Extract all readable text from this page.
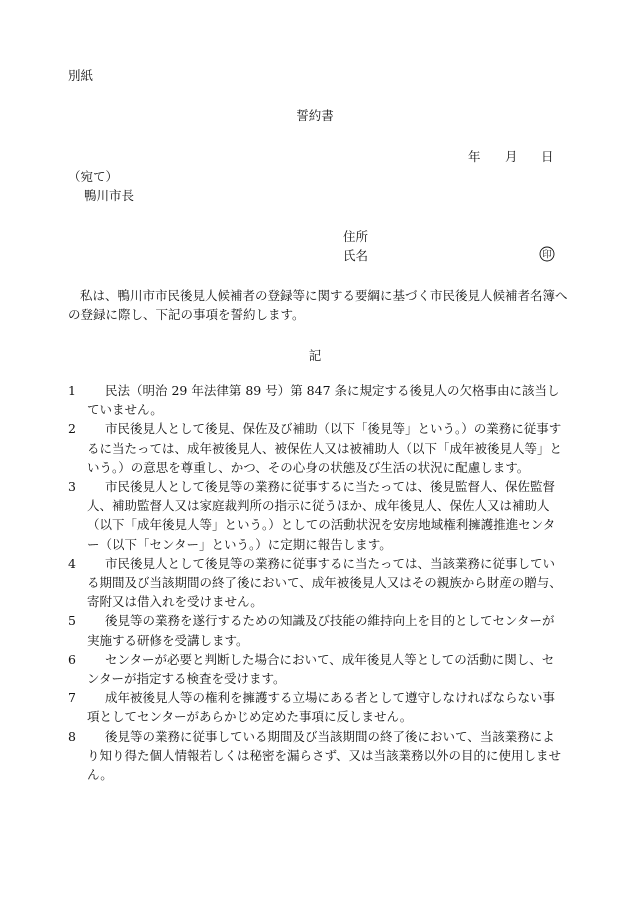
別紙
誓約書
年 月 日
（宛て）
鴨川市長
住所
氏名	印
私は、鴨川市市民後見人候補者の登録等に関する要綱に基づく市民後見人候補者名簿への登録に際し、下記の事項を誓約します。
記
1	民法（明治 29 年法律第 89 号）第 847 条に規定する後見人の欠格事由に該当していません。
2	市民後見人として後見、保佐及び補助（以下「後見等」という。）の業務に従事するに当たっては、成年被後見人、被保佐人又は被補助人（以下「成年被後見人等」という。）の意思を尊重し、かつ、その心身の状態及び生活の状況に配慮します。
3	市民後見人として後見等の業務に従事するに当たっては、後見監督人、保佐監督人、補助監督人又は家庭裁判所の指示に従うほか、成年後見人、保佐人又は補助人（以下「成年後見人等」という。）としての活動状況を安房地域権利擁護推進センター（以下「センター」という。）に定期に報告します。
4	市民後見人として後見等の業務に従事するに当たっては、当該業務に従事している期間及び当該期間の終了後において、成年被後見人又はその親族から財産の贈与、寄附又は借入れを受けません。
5	後見等の業務を遂行するための知識及び技能の維持向上を目的としてセンターが実施する研修を受講します。
6	センターが必要と判断した場合において、成年後見人等としての活動に関し、センターが指定する検査を受けます。
7	成年被後見人等の権利を擁護する立場にある者として遵守しなければならない事項としてセンターがあらかじめ定めた事項に反しません。
8	後見等の業務に従事している期間及び当該期間の終了後において、当該業務により知り得た個人情報若しくは秘密を漏らさず、又は当該業務以外の目的に使用しません。
